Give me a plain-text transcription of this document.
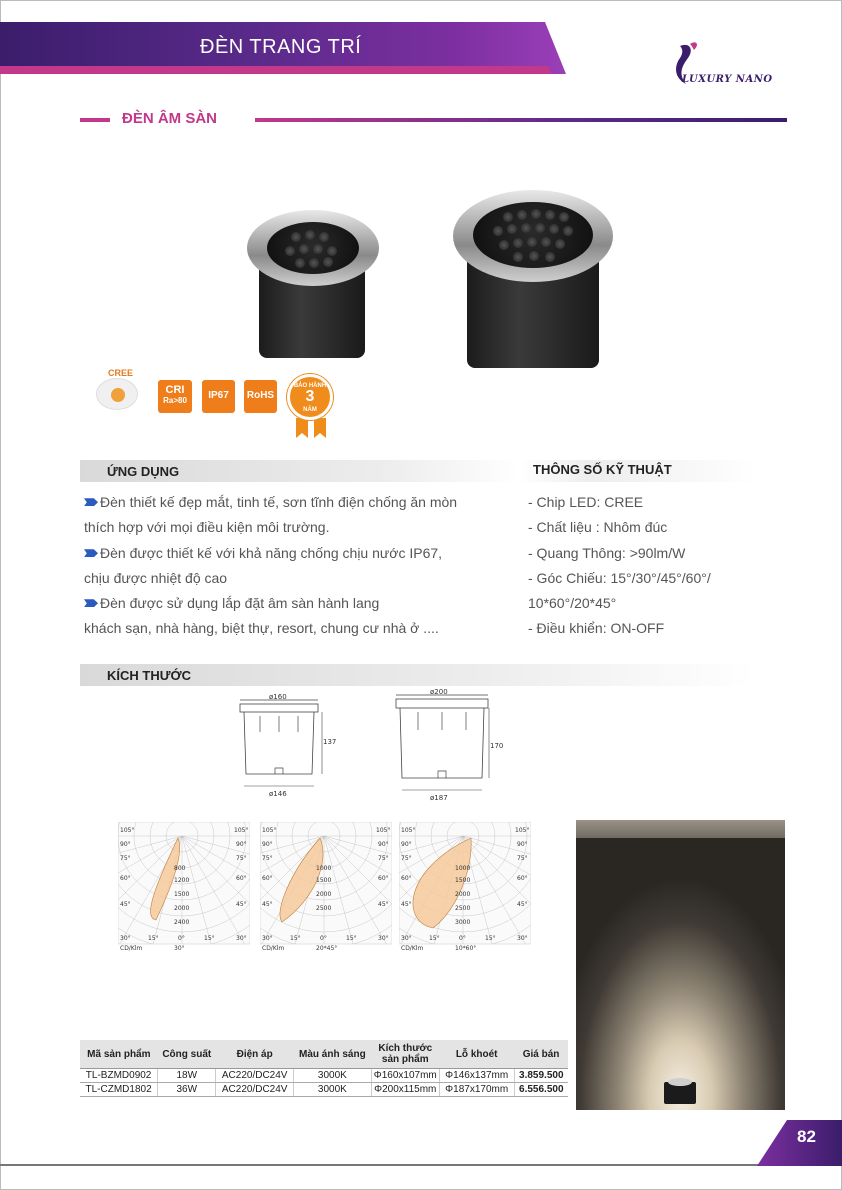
ĐÈN TRANG TRÍ
LUXURY NANO
ĐÈN ÂM SÀN
CREE
CRI
Ra>80	IP67	RoHS
BẢO HÀNH
3
NĂM
ỨNG DỤNG	THÔNG SỐ KỸ THUẬT
Đèn thiết kế đẹp mắt, tinh tế, sơn tĩnh điện chống ăn mòn
thích hợp với mọi điều kiện môi trường.
Đèn được thiết kế với khả năng chống chịu nước IP67,
chịu được nhiệt độ cao
Đèn được sử dụng lắp đặt âm sàn hành lang
khách sạn, nhà hàng, biệt thự, resort, chung cư nhà ở ....
- Chip LED: CREE
- Chất liệu : Nhôm đúc
- Quang Thông: >90lm/W
- Góc Chiếu: 15°/30°/45°/60°/
10*60°/20*45°
- Điều khiển: ON-OFF
KÍCH THƯỚC
ø160
137
ø146
ø200
170
ø187
105°
90°
75°
60°
45°
30°
105°
90°
75°
60°
45°
30°
15°	0°	15°
800
1200
1500
2000
2400
CD/Klm	30°
105°
90°
75°
60°
45°
30°
105°
90°
75°
60°
45°
30°
15°	0°	15°
1000
1500
2000
2500
CD/Klm	20*45°
105°
90°
75°
60°
45°
30°
105°
90°
75°
60°
45°
30°
15°	0°	15°
1000
1500
2000
2500
3000
CD/Klm	10*60°
Mã sản phẩm	Công suất	Điện áp	Màu ánh sáng	Kích thước sản phẩm	Lỗ khoét	Giá bán
TL-BZMD0902	18W	AC220/DC24V	3000K	Φ160x107mm	Φ146x137mm	3.859.500
TL-CZMD1802	36W	AC220/DC24V	3000K	Φ200x115mm	Φ187x170mm	6.556.500
82
